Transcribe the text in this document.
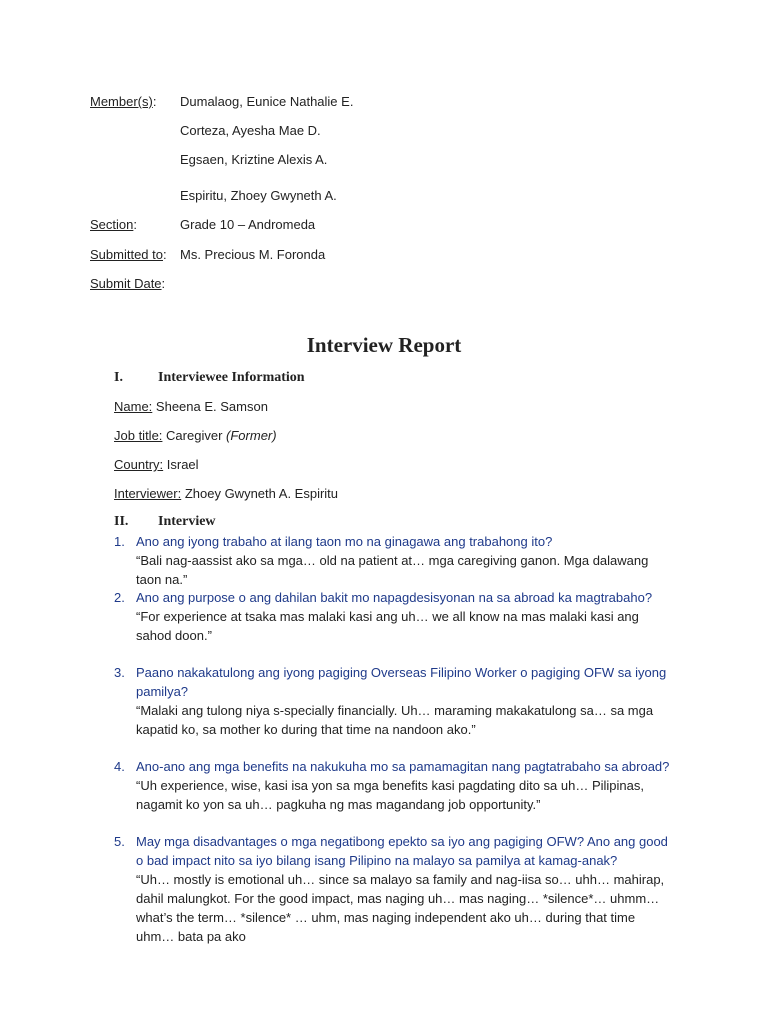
Member(s): Dumalaog, Eunice Nathalie E.
Corteza, Ayesha Mae D.
Egsaen, Kriztine Alexis A.
Espiritu, Zhoey Gwyneth A.
Section:	Grade 10 – Andromeda
Submitted to: Ms. Precious M. Foronda
Submit Date:
Interview Report
I.	Interviewee Information
Name: Sheena E. Samson
Job title: Caregiver (Former)
Country: Israel
Interviewer: Zhoey Gwyneth A. Espiritu
II. Interview
1. Ano ang iyong trabaho at ilang taon mo na ginagawa ang trabahong ito?
“Bali nag-aassist ako sa mga… old na patient at… mga caregiving ganon. Mga dalawang taon na.”
2. Ano ang purpose o ang dahilan bakit mo napagdesisyonan na sa abroad ka magtrabaho?
“For experience at tsaka mas malaki kasi ang uh… we all know na mas malaki kasi ang sahod doon.”
3. Paano nakakatulong ang iyong pagiging Overseas Filipino Worker o pagiging OFW sa iyong pamilya?
“Malaki ang tulong niya s-specially financially. Uh… maraming makakatulong sa… sa mga kapatid ko, sa mother ko during that time na nandoon ako.”
4. Ano-ano ang mga benefits na nakukuha mo sa pamamagitan nang pagtatrabaho sa abroad?
“Uh experience, wise, kasi isa yon sa mga benefits kasi pagdating dito sa uh… Pilipinas, nagamit ko yon sa uh… pagkuha ng mas magandang job opportunity.”
5. May mga disadvantages o mga negatibong epekto sa iyo ang pagiging OFW? Ano ang good o bad impact nito sa iyo bilang isang Pilipino na malayo sa pamilya at kamag-anak?
“Uh… mostly is emotional uh… since sa malayo sa family and nag-iisa so… uhh… mahirap, dahil malungkot. For the good impact, mas naging uh… mas naging… *silence*… uhmm… what’s the term… *silence* … uhm, mas naging independent ako uh… during that time uhm… bata pa ako
